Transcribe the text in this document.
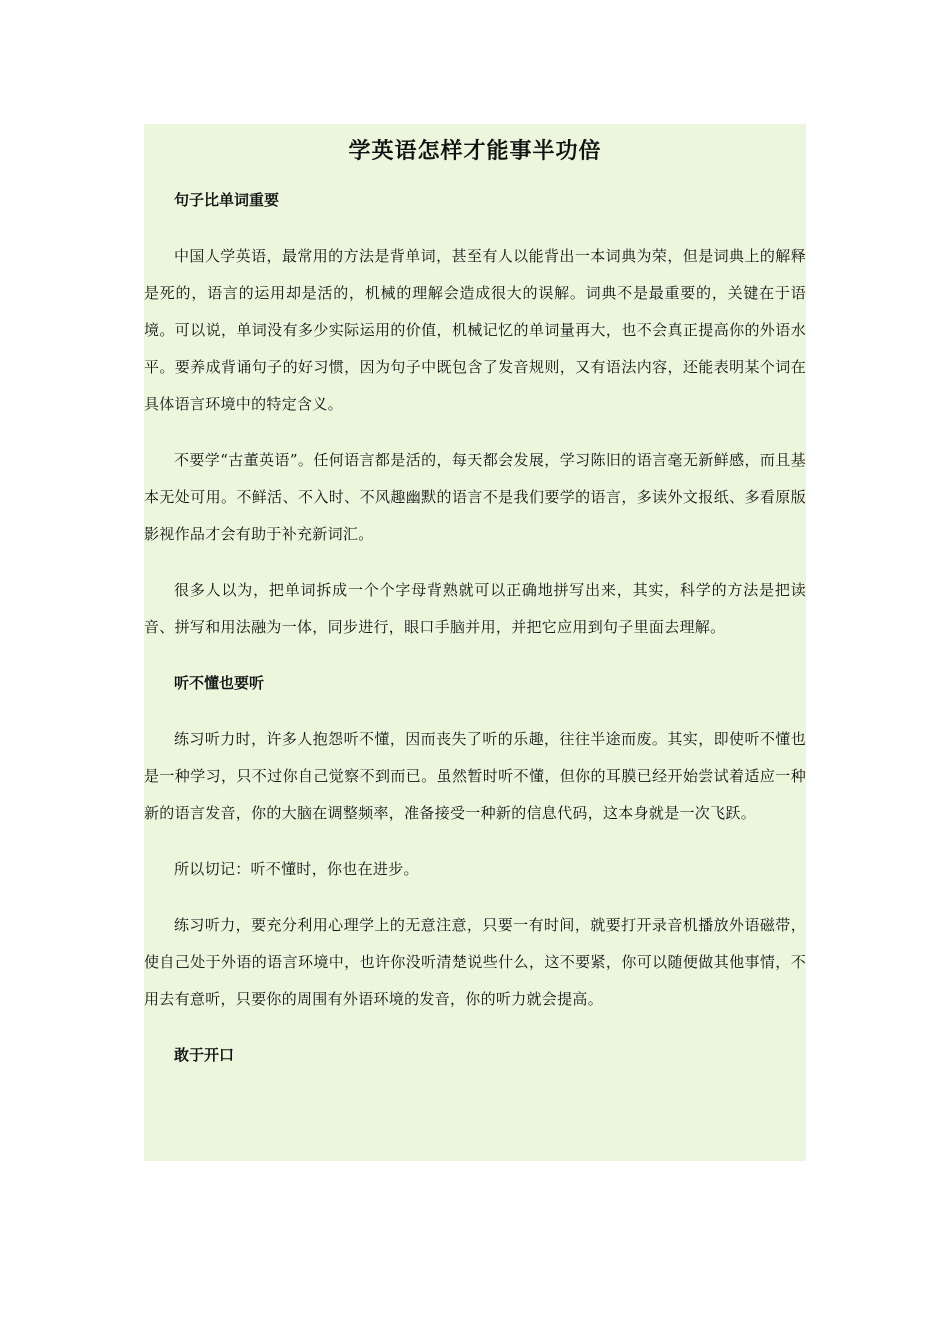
学英语怎样才能事半功倍
句子比单词重要

中国人学英语，最常用的方法是背单词，甚至有人以能背出一本词典为荣，但是词典上的解释是死的，语言的运用却是活的，机械的理解会造成很大的误解。词典不是最重要的，关键在于语境。可以说，单词没有多少实际运用的价值，机械记忆的单词量再大，也不会真正提高你的外语水平。要养成背诵句子的好习惯，因为句子中既包含了发音规则，又有语法内容，还能表明某个词在具体语言环境中的特定含义。

不要学“古董英语”。任何语言都是活的，每天都会发展，学习陈旧的语言毫无新鲜感，而且基本无处可用。不鲜活、不入时、不风趣幽默的语言不是我们要学的语言，多读外文报纸、多看原版影视作品才会有助于补充新词汇。

很多人以为，把单词拆成一个个字母背熟就可以正确地拼写出来，其实，科学的方法是把读音、拼写和用法融为一体，同步进行，眼口手脑并用，并把它应用到句子里面去理解。

听不懂也要听

练习听力时，许多人抱怨听不懂，因而丧失了听的乐趣，往往半途而废。其实，即使听不懂也是一种学习，只不过你自己觉察不到而已。虽然暂时听不懂，但你的耳膜已经开始尝试着适应一种新的语言发音，你的大脑在调整频率，准备接受一种新的信息代码，这本身就是一次飞跃。

所以切记：听不懂时，你也在进步。

练习听力，要充分利用心理学上的无意注意，只要一有时间，就要打开录音机播放外语磁带，使自己处于外语的语言环境中，也许你没听清楚说些什么，这不要紧，你可以随便做其他事情，不用去有意听，只要你的周围有外语环境的发音，你的听力就会提高。

敢于开口
